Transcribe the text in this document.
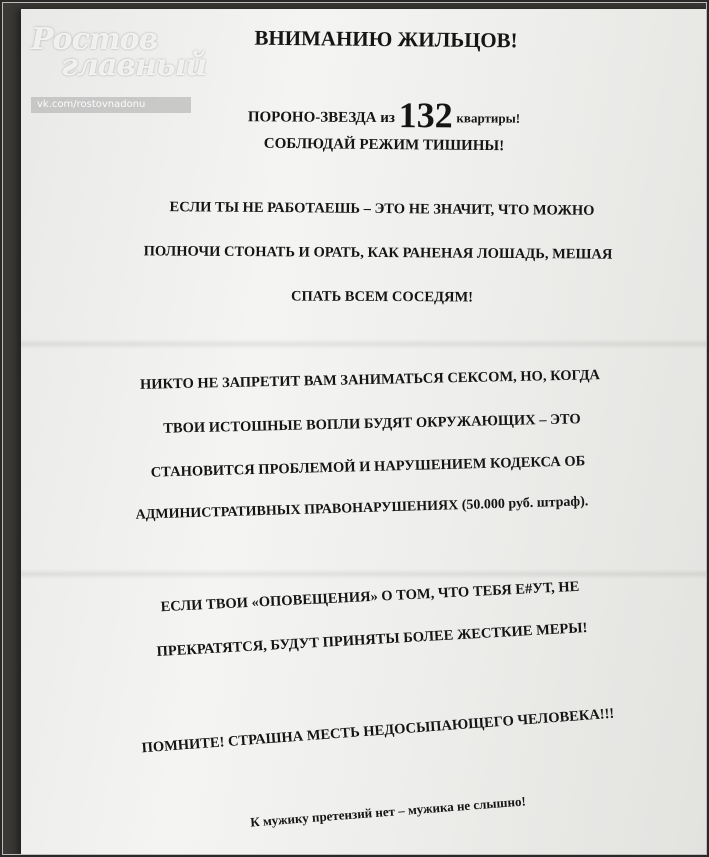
ВНИМАНИЮ ЖИЛЬЦОВ!
ПОРОНО-ЗВЕЗДА из 132 квартиры!
СОБЛЮДАЙ РЕЖИМ ТИШИНЫ!
ЕСЛИ ТЫ НЕ РАБОТАЕШЬ – ЭТО НЕ ЗНАЧИТ, ЧТО МОЖНО
ПОЛНОЧИ СТОНАТЬ И ОРАТЬ, КАК РАНЕНАЯ ЛОШАДЬ, МЕШАЯ
СПАТЬ ВСЕМ СОСЕДЯМ!
НИКТО НЕ ЗАПРЕТИТ ВАМ ЗАНИМАТЬСЯ СЕКСОМ, НО, КОГДА
ТВОИ ИСТОШНЫЕ ВОПЛИ БУДЯТ ОКРУЖАЮЩИХ – ЭТО
СТАНОВИТСЯ ПРОБЛЕМОЙ И НАРУШЕНИЕМ КОДЕКСА ОБ
АДМИНИСТРАТИВНЫХ ПРАВОНАРУШЕНИЯХ (50.000 руб. штраф).
ЕСЛИ ТВОИ «ОПОВЕЩЕНИЯ» О ТОМ, ЧТО ТЕБЯ Е#УТ, НЕ
ПРЕКРАТЯТСЯ, БУДУТ ПРИНЯТЫ БОЛЕЕ ЖЕСТКИЕ МЕРЫ!
ПОМНИТЕ! СТРАШНА МЕСТЬ НЕДОСЫПАЮЩЕГО ЧЕЛОВЕКА!!!
К мужику претензий нет – мужика не слышно!
Ростов
главный
vk.com/rostovnadonu
